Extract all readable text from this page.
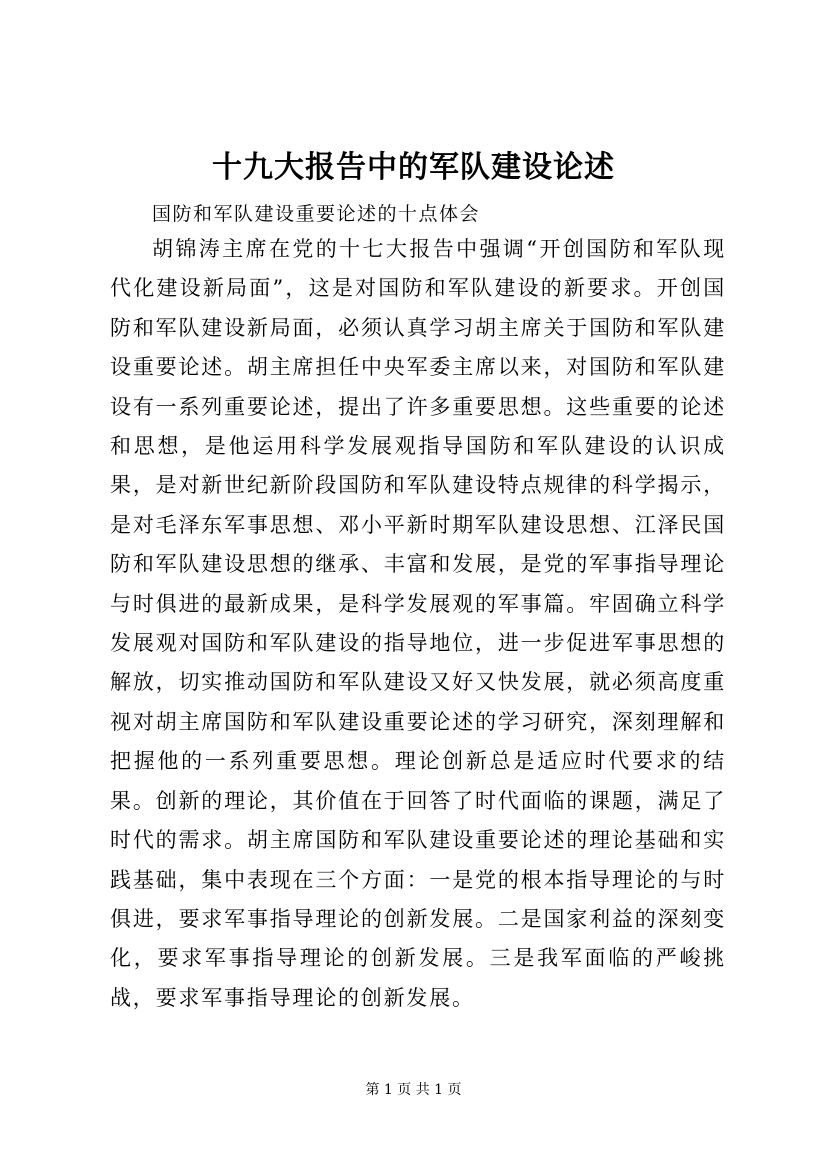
十九大报告中的军队建设论述

国防和军队建设重要论述的十点体会

胡锦涛主席在党的十七大报告中强调“开创国防和军队现代化建设新局面”，这是对国防和军队建设的新要求。开创国防和军队建设新局面，必须认真学习胡主席关于国防和军队建设重要论述。胡主席担任中央军委主席以来，对国防和军队建设有一系列重要论述，提出了许多重要思想。这些重要的论述和思想，是他运用科学发展观指导国防和军队建设的认识成果，是对新世纪新阶段国防和军队建设特点规律的科学揭示，是对毛泽东军事思想、邓小平新时期军队建设思想、江泽民国防和军队建设思想的继承、丰富和发展，是党的军事指导理论与时俱进的最新成果，是科学发展观的军事篇。牢固确立科学发展观对国防和军队建设的指导地位，进一步促进军事思想的解放，切实推动国防和军队建设又好又快发展，就必须高度重视对胡主席国防和军队建设重要论述的学习研究，深刻理解和把握他的一系列重要思想。理论创新总是适应时代要求的结果。创新的理论，其价值在于回答了时代面临的课题，满足了时代的需求。胡主席国防和军队建设重要论述的理论基础和实践基础，集中表现在三个方面：一是党的根本指导理论的与时俱进，要求军事指导理论的创新发展。二是国家利益的深刻变化，要求军事指导理论的创新发展。三是我军面临的严峻挑战，要求军事指导理论的创新发展。

第 1 页 共 1 页
